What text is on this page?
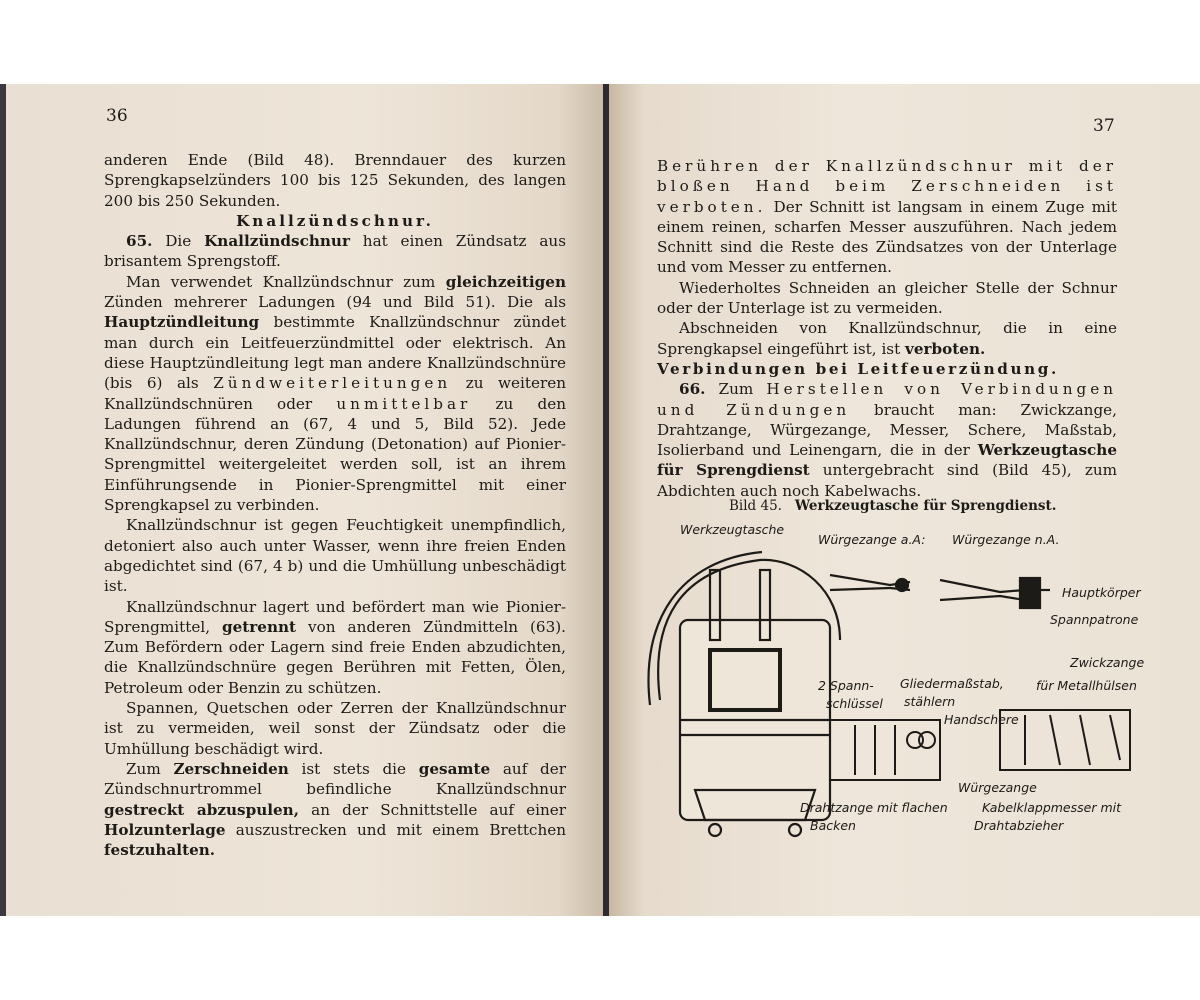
36

anderen Ende (Bild 48). Brenndauer des kurzen Sprengkapselzünders 100 bis 125 Sekunden, des langen 200 bis 250 Sekunden.

Knallzündschnur.

65. Die Knallzündschnur hat einen Zündsatz aus brisantem Sprengstoff.

Man verwendet Knallzündschnur zum gleichzeitigen Zünden mehrerer Ladungen (94 und Bild 51). Die als Hauptzündleitung bestimmte Knallzündschnur zündet man durch ein Leitfeuerzündmittel oder elektrisch. An diese Hauptzündleitung legt man andere Knallzündschnüre (bis 6) als Zündweiterleitungen zu weiteren Knallzündschnüren oder unmittelbar zu den Ladungen führend an (67, 4 und 5, Bild 52). Jede Knallzündschnur, deren Zündung (Detonation) auf Pionier-Sprengmittel weitergeleitet werden soll, ist an ihrem Einführungsende in Pionier-Sprengmittel mit einer Sprengkapsel zu verbinden.

Knallzündschnur ist gegen Feuchtigkeit unempfindlich, detoniert also auch unter Wasser, wenn ihre freien Enden abgedichtet sind (67, 4 b) und die Umhüllung unbeschädigt ist.

Knallzündschnur lagert und befördert man wie Pionier-Sprengmittel, getrennt von anderen Zündmitteln (63). Zum Befördern oder Lagern sind freie Enden abzudichten, die Knallzündschnüre gegen Berühren mit Fetten, Ölen, Petroleum oder Benzin zu schützen.

Spannen, Quetschen oder Zerren der Knallzündschnur ist zu vermeiden, weil sonst der Zündsatz oder die Umhüllung beschädigt wird.

Zum Zerschneiden ist stets die gesamte auf der Zündschnurtrommel befindliche Knallzündschnur gestreckt abzuspulen, an der Schnittstelle auf einer Holzunterlage auszustrecken und mit einem Brettchen festzuhalten.

37

Berühren der Knallzündschnur mit der bloßen Hand beim Zerschneiden ist verboten. Der Schnitt ist langsam in einem Zuge mit einem reinen, scharfen Messer auszuführen. Nach jedem Schnitt sind die Reste des Zündsatzes von der Unterlage und vom Messer zu entfernen.

Wiederholtes Schneiden an gleicher Stelle der Schnur oder der Unterlage ist zu vermeiden.

Abschneiden von Knallzündschnur, die in eine Sprengkapsel eingeführt ist, ist verboten.

Verbindungen bei Leitfeuerzündung.

66. Zum Herstellen von Verbindungen und Zündungen braucht man: Zwickzange, Drahtzange, Würgezange, Messer, Schere, Maßstab, Isolierband und Leinengarn, die in der Werkzeugtasche für Sprengdienst untergebracht sind (Bild 45), zum Abdichten auch noch Kabelwachs.

Bild 45. Werkzeugtasche für Sprengdienst.
Werkzeugtasche
Würgezange a.A: Würgezange n.A.
Hauptkörper
Spannpatrone
Zwickzange
für Metallhülsen
2 Spann-
schlüssel
Gliedermaßstab,
stählern
Handschere
Würgezange
Drahtzange mit flachen
Backen
Kabelklappmesser mit
Drahtabzieher
